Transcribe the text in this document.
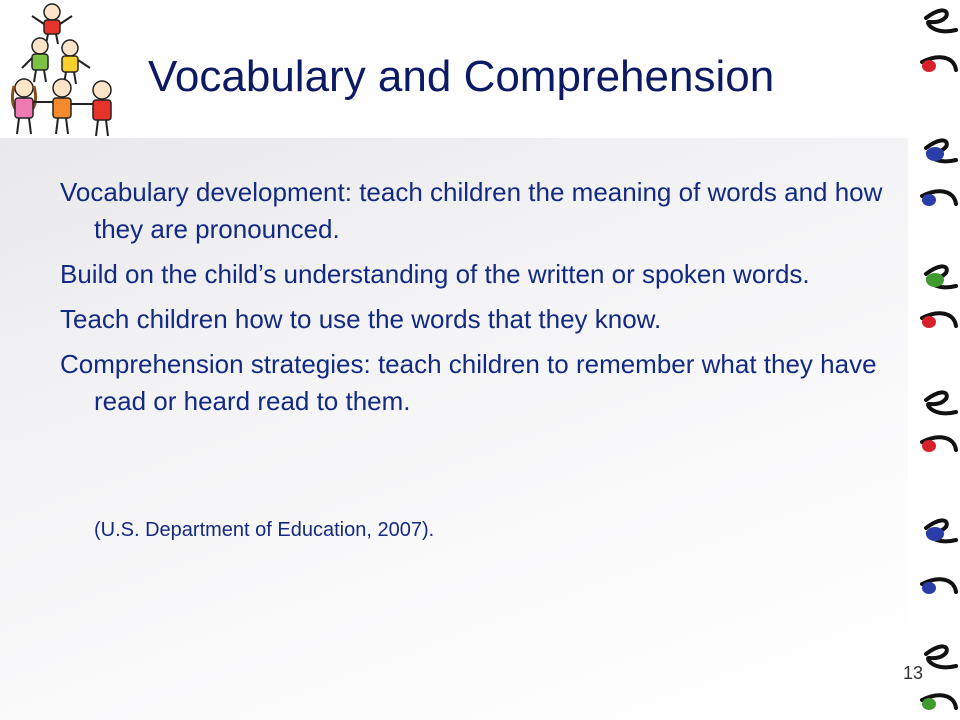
Vocabulary and Comprehension

Vocabulary development: teach children the meaning of words and how they are pronounced.

Build on the child’s understanding of the written or spoken words.

Teach children how to use the words that they know.

Comprehension strategies: teach children to remember what they have read or heard read to them.

(U.S. Department of Education, 2007).
13
